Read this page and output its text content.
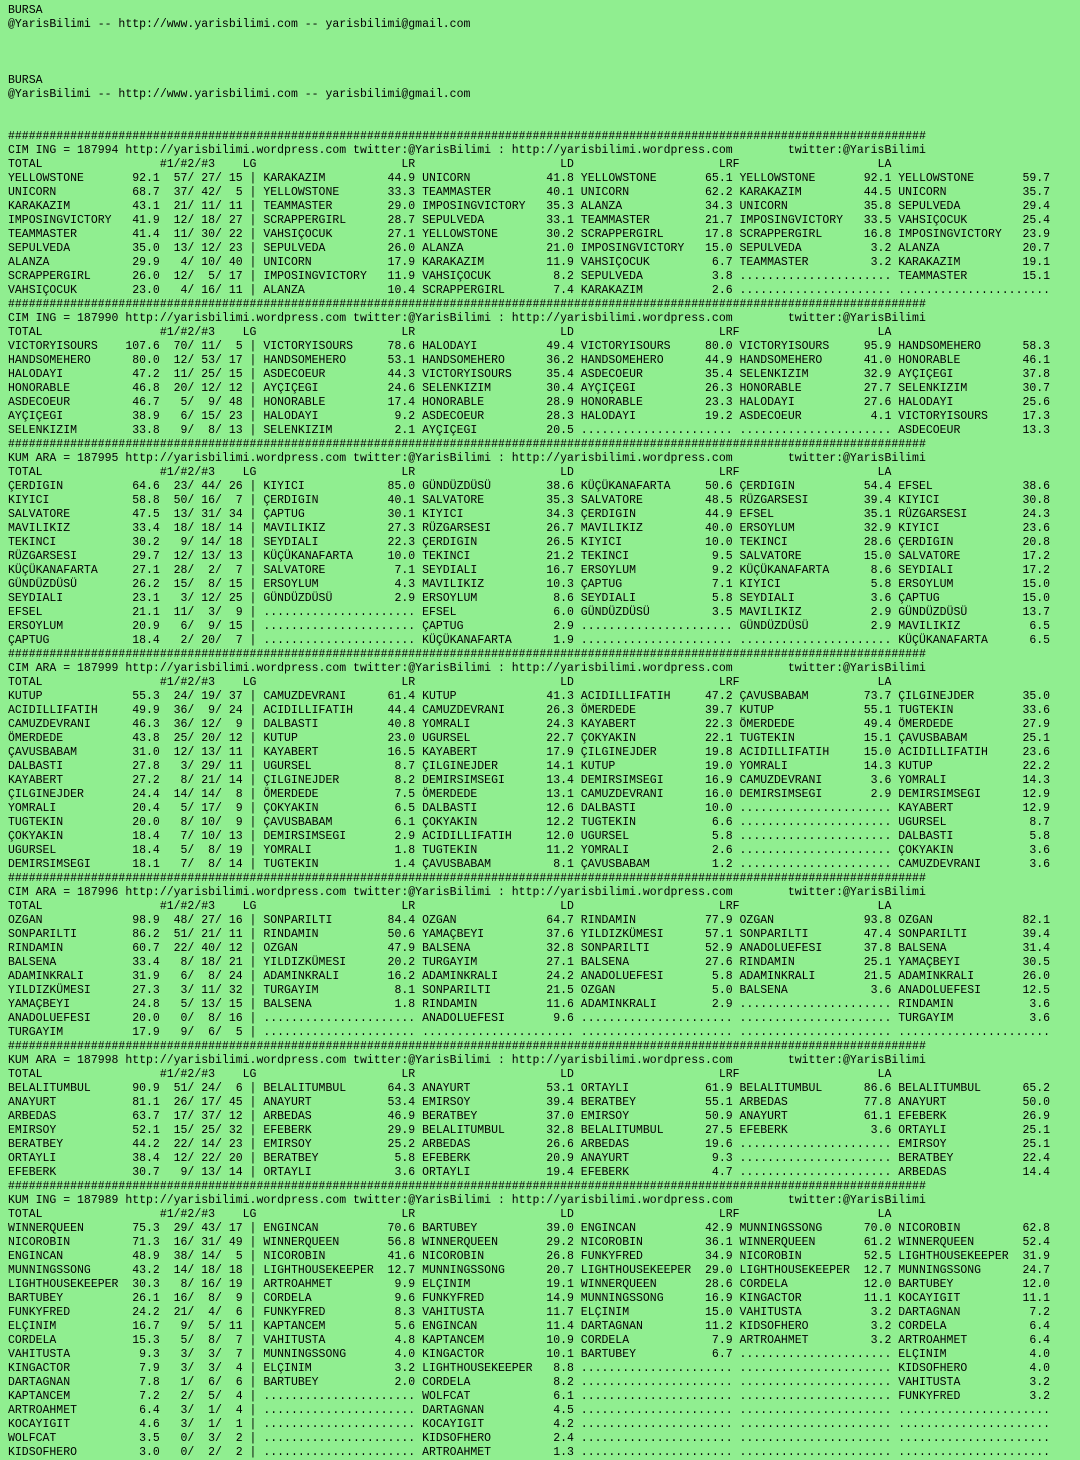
BURSA
@YarisBilimi -- http://www.yarisbilimi.com -- yarisbilimi@gmail.com

BURSA
@YarisBilimi -- http://www.yarisbilimi.com -- yarisbilimi@gmail.com

#####################################################################################################################################
CIM ING = 187994 http://yarisbilimi.wordpress.com twitter:@YarisBilimi : http://yarisbilimi.wordpress.com        twitter:@YarisBilimi
TOTAL                 #1/#2/#3    LG                     LR                     LD                     LRF                    LA
YELLOWSTONE       92.1  57/ 27/ 15 | KARAKAZIM         44.9 UNICORN           41.8 YELLOWSTONE       65.1 YELLOWSTONE       92.1 YELLOWSTONE       59.7
UNICORN           68.7  37/ 42/  5 | YELLOWSTONE       33.3 TEAMMASTER        40.1 UNICORN           62.2 KARAKAZIM         44.5 UNICORN           35.7
KARAKAZIM         43.1  21/ 11/ 11 | TEAMMASTER        29.0 IMPOSINGVICTORY   35.3 ALANZA            34.3 UNICORN           35.8 SEPULVEDA         29.4
IMPOSINGVICTORY   41.9  12/ 18/ 27 | SCRAPPERGIRL      28.7 SEPULVEDA         33.1 TEAMMASTER        21.7 IMPOSINGVICTORY   33.5 VAHSIÇOCUK        25.4
TEAMMASTER        41.4  11/ 30/ 22 | VAHSIÇOCUK        27.1 YELLOWSTONE       30.2 SCRAPPERGIRL      17.8 SCRAPPERGIRL      16.8 IMPOSINGVICTORY   23.9
SEPULVEDA         35.0  13/ 12/ 23 | SEPULVEDA         26.0 ALANZA            21.0 IMPOSINGVICTORY   15.0 SEPULVEDA          3.2 ALANZA            20.7
ALANZA            29.9   4/ 10/ 40 | UNICORN           17.9 KARAKAZIM         11.9 VAHSIÇOCUK         6.7 TEAMMASTER         3.2 KARAKAZIM         19.1
SCRAPPERGIRL      26.0  12/  5/ 17 | IMPOSINGVICTORY   11.9 VAHSIÇOCUK         8.2 SEPULVEDA          3.8 ...................... TEAMMASTER        15.1
VAHSIÇOCUK        23.0   4/ 16/ 11 | ALANZA            10.4 SCRAPPERGIRL       7.4 KARAKAZIM          2.6 ...................... ......................
#####################################################################################################################################
CIM ING = 187990 http://yarisbilimi.wordpress.com twitter:@YarisBilimi : http://yarisbilimi.wordpress.com        twitter:@YarisBilimi
TOTAL                 #1/#2/#3    LG                     LR                     LD                     LRF                    LA
VICTORYISOURS    107.6  70/ 11/  5 | VICTORYISOURS     78.6 HALODAYI          49.4 VICTORYISOURS     80.0 VICTORYISOURS     95.9 HANDSOMEHERO      58.3
HANDSOMEHERO      80.0  12/ 53/ 17 | HANDSOMEHERO      53.1 HANDSOMEHERO      36.2 HANDSOMEHERO      44.9 HANDSOMEHERO      41.0 HONORABLE         46.1
HALODAYI          47.2  11/ 25/ 15 | ASDECOEUR         44.3 VICTORYISOURS     35.4 ASDECOEUR         35.4 SELENKIZIM        32.9 AYÇIÇEGI          37.8
HONORABLE         46.8  20/ 12/ 12 | AYÇIÇEGI          24.6 SELENKIZIM        30.4 AYÇIÇEGI          26.3 HONORABLE         27.7 SELENKIZIM        30.7
ASDECOEUR         46.7   5/  9/ 48 | HONORABLE         17.4 HONORABLE         28.9 HONORABLE         23.3 HALODAYI          27.6 HALODAYI          25.6
AYÇIÇEGI          38.9   6/ 15/ 23 | HALODAYI           9.2 ASDECOEUR         28.3 HALODAYI          19.2 ASDECOEUR          4.1 VICTORYISOURS     17.3
SELENKIZIM        33.8   9/  8/ 13 | SELENKIZIM         2.1 AYÇIÇEGI          20.5 ...................... ...................... ASDECOEUR         13.3
#####################################################################################################################################
KUM ARA = 187995 http://yarisbilimi.wordpress.com twitter:@YarisBilimi : http://yarisbilimi.wordpress.com        twitter:@YarisBilimi
TOTAL                 #1/#2/#3    LG                     LR                     LD                     LRF                    LA
ÇERDIGIN          64.6  23/ 44/ 26 | KIYICI            85.0 GÜNDÜZDÜSÜ        38.6 KÜÇÜKANAFARTA     50.6 ÇERDIGIN          54.4 EFSEL             38.6
KIYICI            58.8  50/ 16/  7 | ÇERDIGIN          40.1 SALVATORE         35.3 SALVATORE         48.5 RÜZGARSESI        39.4 KIYICI            30.8
SALVATORE         47.5  13/ 31/ 34 | ÇAPTUG            30.1 KIYICI            34.3 ÇERDIGIN          44.9 EFSEL             35.1 RÜZGARSESI        24.3
MAVILIKIZ         33.4  18/ 18/ 14 | MAVILIKIZ         27.3 RÜZGARSESI        26.7 MAVILIKIZ         40.0 ERSOYLUM          32.9 KIYICI            23.6
TEKINCI           30.2   9/ 14/ 18 | SEYDIALI          22.3 ÇERDIGIN          26.5 KIYICI            10.0 TEKINCI           28.6 ÇERDIGIN          20.8
RÜZGARSESI        29.7  12/ 13/ 13 | KÜÇÜKANAFARTA     10.0 TEKINCI           21.2 TEKINCI            9.5 SALVATORE         15.0 SALVATORE         17.2
KÜÇÜKANAFARTA     27.1  28/  2/  7 | SALVATORE          7.1 SEYDIALI          16.7 ERSOYLUM           9.2 KÜÇÜKANAFARTA      8.6 SEYDIALI          17.2
GÜNDÜZDÜSÜ        26.2  15/  8/ 15 | ERSOYLUM           4.3 MAVILIKIZ         10.3 ÇAPTUG             7.1 KIYICI             5.8 ERSOYLUM          15.0
SEYDIALI          23.1   3/ 12/ 25 | GÜNDÜZDÜSÜ         2.9 ERSOYLUM           8.6 SEYDIALI           5.8 SEYDIALI           3.6 ÇAPTUG            15.0
EFSEL             21.1  11/  3/  9 | ...................... EFSEL              6.0 GÜNDÜZDÜSÜ         3.5 MAVILIKIZ          2.9 GÜNDÜZDÜSÜ        13.7
ERSOYLUM          20.9   6/  9/ 15 | ...................... ÇAPTUG             2.9 ...................... GÜNDÜZDÜSÜ         2.9 MAVILIKIZ          6.5
ÇAPTUG            18.4   2/ 20/  7 | ...................... KÜÇÜKANAFARTA      1.9 ...................... ...................... KÜÇÜKANAFARTA      6.5
#####################################################################################################################################
CIM ARA = 187999 http://yarisbilimi.wordpress.com twitter:@YarisBilimi : http://yarisbilimi.wordpress.com        twitter:@YarisBilimi
TOTAL                 #1/#2/#3    LG                     LR                     LD                     LRF                    LA
KUTUP             55.3  24/ 19/ 37 | CAMUZDEVRANI      61.4 KUTUP             41.3 ACIDILLIFATIH     47.2 ÇAVUSBABAM        73.7 ÇILGINEJDER       35.0
ACIDILLIFATIH     49.9  36/  9/ 24 | ACIDILLIFATIH     44.4 CAMUZDEVRANI      26.3 ÖMERDEDE          39.7 KUTUP             55.1 TUGTEKIN          33.6
CAMUZDEVRANI      46.3  36/ 12/  9 | DALBASTI          40.8 YOMRALI           24.3 KAYABERT          22.3 ÖMERDEDE          49.4 ÖMERDEDE          27.9
ÖMERDEDE          43.8  25/ 20/ 12 | KUTUP             23.0 UGURSEL           22.7 ÇOKYAKIN          22.1 TUGTEKIN          15.1 ÇAVUSBABAM        25.1
ÇAVUSBABAM        31.0  12/ 13/ 11 | KAYABERT          16.5 KAYABERT          17.9 ÇILGINEJDER       19.8 ACIDILLIFATIH     15.0 ACIDILLIFATIH     23.6
DALBASTI          27.8   3/ 29/ 11 | UGURSEL            8.7 ÇILGINEJDER       14.1 KUTUP             19.0 YOMRALI           14.3 KUTUP             22.2
KAYABERT          27.2   8/ 21/ 14 | ÇILGINEJDER        8.2 DEMIRSIMSEGI      13.4 DEMIRSIMSEGI      16.9 CAMUZDEVRANI       3.6 YOMRALI           14.3
ÇILGINEJDER       24.4  14/ 14/  8 | ÖMERDEDE           7.5 ÖMERDEDE          13.1 CAMUZDEVRANI      16.0 DEMIRSIMSEGI       2.9 DEMIRSIMSEGI      12.9
YOMRALI           20.4   5/ 17/  9 | ÇOKYAKIN           6.5 DALBASTI          12.6 DALBASTI          10.0 ...................... KAYABERT          12.9
TUGTEKIN          20.0   8/ 10/  9 | ÇAVUSBABAM         6.1 ÇOKYAKIN          12.2 TUGTEKIN           6.6 ...................... UGURSEL            8.7
ÇOKYAKIN          18.4   7/ 10/ 13 | DEMIRSIMSEGI       2.9 ACIDILLIFATIH     12.0 UGURSEL            5.8 ...................... DALBASTI           5.8
UGURSEL           18.4   5/  8/ 19 | YOMRALI            1.8 TUGTEKIN          11.2 YOMRALI            2.6 ...................... ÇOKYAKIN           3.6
DEMIRSIMSEGI      18.1   7/  8/ 14 | TUGTEKIN           1.4 ÇAVUSBABAM         8.1 ÇAVUSBABAM         1.2 ...................... CAMUZDEVRANI       3.6
#####################################################################################################################################
CIM ARA = 187996 http://yarisbilimi.wordpress.com twitter:@YarisBilimi : http://yarisbilimi.wordpress.com        twitter:@YarisBilimi
TOTAL                 #1/#2/#3    LG                     LR                     LD                     LRF                    LA
OZGAN             98.9  48/ 27/ 16 | SONPARILTI        84.4 OZGAN             64.7 RINDAMIN          77.9 OZGAN             93.8 OZGAN             82.1
SONPARILTI        86.2  51/ 21/ 11 | RINDAMIN          50.6 YAMAÇBEYI         37.6 YILDIZKÜMESI      57.1 SONPARILTI        47.4 SONPARILTI        39.4
RINDAMIN          60.7  22/ 40/ 12 | OZGAN             47.9 BALSENA           32.8 SONPARILTI        52.9 ANADOLUEFESI      37.8 BALSENA           31.4
BALSENA           33.4   8/ 18/ 21 | YILDIZKÜMESI      20.2 TURGAYIM          27.1 BALSENA           27.6 RINDAMIN          25.1 YAMAÇBEYI         30.5
ADAMINKRALI       31.9   6/  8/ 24 | ADAMINKRALI       16.2 ADAMINKRALI       24.2 ANADOLUEFESI       5.8 ADAMINKRALI       21.5 ADAMINKRALI       26.0
YILDIZKÜMESI      27.3   3/ 11/ 32 | TURGAYIM           8.1 SONPARILTI        21.5 OZGAN              5.0 BALSENA            3.6 ANADOLUEFESI      12.5
YAMAÇBEYI         24.8   5/ 13/ 15 | BALSENA            1.8 RINDAMIN          11.6 ADAMINKRALI        2.9 ...................... RINDAMIN           3.6
ANADOLUEFESI      20.0   0/  8/ 16 | ...................... ANADOLUEFESI       9.6 ...................... ...................... TURGAYIM           3.6
TURGAYIM          17.9   9/  6/  5 | ...................... ...................... ...................... ...................... ......................
#####################################################################################################################################
KUM ARA = 187998 http://yarisbilimi.wordpress.com twitter:@YarisBilimi : http://yarisbilimi.wordpress.com        twitter:@YarisBilimi
TOTAL                 #1/#2/#3    LG                     LR                     LD                     LRF                    LA
BELALITUMBUL      90.9  51/ 24/  6 | BELALITUMBUL      64.3 ANAYURT           53.1 ORTAYLI           61.9 BELALITUMBUL      86.6 BELALITUMBUL      65.2
ANAYURT           81.1  26/ 17/ 45 | ANAYURT           53.4 EMIRSOY           39.4 BERATBEY          55.1 ARBEDAS           77.8 ANAYURT           50.0
ARBEDAS           63.7  17/ 37/ 12 | ARBEDAS           46.9 BERATBEY          37.0 EMIRSOY           50.9 ANAYURT           61.1 EFEBERK           26.9
EMIRSOY           52.1  15/ 25/ 32 | EFEBERK           29.9 BELALITUMBUL      32.8 BELALITUMBUL      27.5 EFEBERK            3.6 ORTAYLI           25.1
BERATBEY          44.2  22/ 14/ 23 | EMIRSOY           25.2 ARBEDAS           26.6 ARBEDAS           19.6 ...................... EMIRSOY           25.1
ORTAYLI           38.4  12/ 22/ 20 | BERATBEY           5.8 EFEBERK           20.9 ANAYURT            9.3 ...................... BERATBEY          22.4
EFEBERK           30.7   9/ 13/ 14 | ORTAYLI            3.6 ORTAYLI           19.4 EFEBERK            4.7 ...................... ARBEDAS           14.4
#####################################################################################################################################
KUM ING = 187989 http://yarisbilimi.wordpress.com twitter:@YarisBilimi : http://yarisbilimi.wordpress.com        twitter:@YarisBilimi
TOTAL                 #1/#2/#3    LG                     LR                     LD                     LRF                    LA
WINNERQUEEN       75.3  29/ 43/ 17 | ENGINCAN          70.6 BARTUBEY          39.0 ENGINCAN          42.9 MUNNINGSSONG      70.0 NICOROBIN         62.8
NICOROBIN         71.3  16/ 31/ 49 | WINNERQUEEN       56.8 WINNERQUEEN       29.2 NICOROBIN         36.1 WINNERQUEEN       61.2 WINNERQUEEN       52.4
ENGINCAN          48.9  38/ 14/  5 | NICOROBIN         41.6 NICOROBIN         26.8 FUNKYFRED         34.9 NICOROBIN         52.5 LIGHTHOUSEKEEPER  31.9
MUNNINGSSONG      43.2  14/ 18/ 18 | LIGHTHOUSEKEEPER  12.7 MUNNINGSSONG      20.7 LIGHTHOUSEKEEPER  29.0 LIGHTHOUSEKEEPER  12.7 MUNNINGSSONG      24.7
LIGHTHOUSEKEEPER  30.3   8/ 16/ 19 | ARTROAHMET         9.9 ELÇINIM           19.1 WINNERQUEEN       28.6 CORDELA           12.0 BARTUBEY          12.0
BARTUBEY          26.1  16/  8/  9 | CORDELA            9.6 FUNKYFRED         14.9 MUNNINGSSONG      16.9 KINGACTOR         11.1 KOCAYIGIT         11.1
FUNKYFRED         24.2  21/  4/  6 | FUNKYFRED          8.3 VAHITUSTA         11.7 ELÇINIM           15.0 VAHITUSTA          3.2 DARTAGNAN          7.2
ELÇINIM           16.7   9/  5/ 11 | KAPTANCEM          5.6 ENGINCAN          11.4 DARTAGNAN         11.2 KIDSOFHERO         3.2 CORDELA            6.4
CORDELA           15.3   5/  8/  7 | VAHITUSTA          4.8 KAPTANCEM         10.9 CORDELA            7.9 ARTROAHMET         3.2 ARTROAHMET         6.4
VAHITUSTA          9.3   3/  3/  7 | MUNNINGSSONG       4.0 KINGACTOR         10.1 BARTUBEY           6.7 ...................... ELÇINIM            4.0
KINGACTOR          7.9   3/  3/  4 | ELÇINIM            3.2 LIGHTHOUSEKEEPER   8.8 ...................... ...................... KIDSOFHERO         4.0
DARTAGNAN          7.8   1/  6/  6 | BARTUBEY           2.0 CORDELA            8.2 ...................... ...................... VAHITUSTA          3.2
KAPTANCEM          7.2   2/  5/  4 | ...................... WOLFCAT            6.1 ...................... ...................... FUNKYFRED          3.2
ARTROAHMET         6.4   3/  1/  4 | ...................... DARTAGNAN          4.5 ...................... ...................... ......................
KOCAYIGIT          4.6   3/  1/  1 | ...................... KOCAYIGIT          4.2 ...................... ...................... ......................
WOLFCAT            3.5   0/  3/  2 | ...................... KIDSOFHERO         2.4 ...................... ...................... ......................
KIDSOFHERO         3.0   0/  2/  2 | ...................... ARTROAHMET         1.3 ...................... ...................... ......................
